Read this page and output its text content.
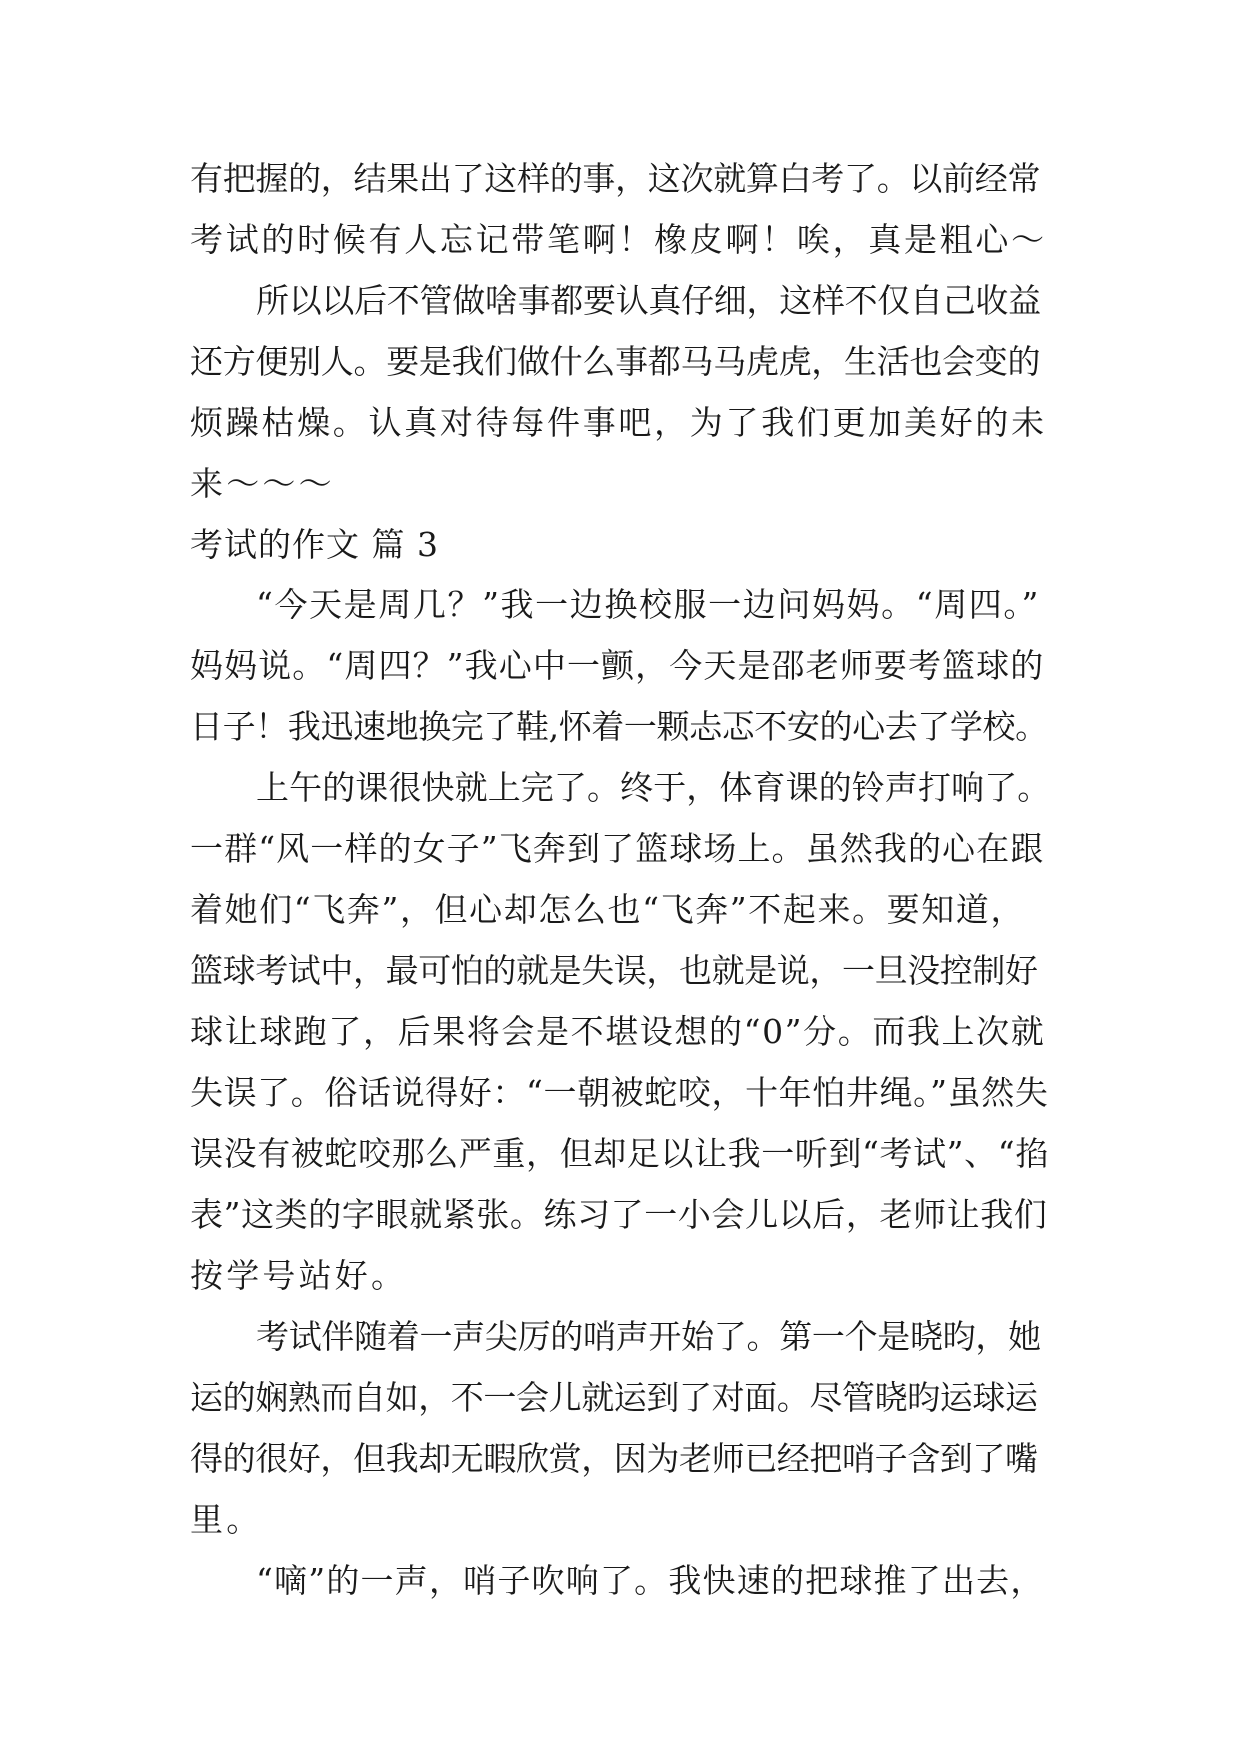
有把握的，结果出了这样的事，这次就算白考了。以前经常
考试的时候有人忘记带笔啊！橡皮啊！唉，真是粗心～
所以以后不管做啥事都要认真仔细，这样不仅自己收益
还方便别人。要是我们做什么事都马马虎虎，生活也会变的
烦躁枯燥。认真对待每件事吧，为了我们更加美好的未
来～～～
考试的作文 篇 3
“今天是周几？”我一边换校服一边问妈妈。“周四。”
妈妈说。“周四？”我心中一颤，今天是邵老师要考篮球的
日子！我迅速地换完了鞋,怀着一颗忐忑不安的心去了学校。
上午的课很快就上完了。终于，体育课的铃声打响了。
一群“风一样的女子”飞奔到了篮球场上。虽然我的心在跟
着她们“飞奔”，但心却怎么也“飞奔”不起来。要知道，
篮球考试中，最可怕的就是失误，也就是说，一旦没控制好
球让球跑了，后果将会是不堪设想的“0”分。而我上次就
失误了。俗话说得好：“一朝被蛇咬，十年怕井绳。”虽然失
误没有被蛇咬那么严重，但却足以让我一听到“考试”、“掐
表”这类的字眼就紧张。练习了一小会儿以后，老师让我们
按学号站好。
考试伴随着一声尖厉的哨声开始了。第一个是晓昀，她
运的娴熟而自如，不一会儿就运到了对面。尽管晓昀运球运
得的很好，但我却无暇欣赏，因为老师已经把哨子含到了嘴
里。
“嘀”的一声，哨子吹响了。我快速的把球推了出去，
